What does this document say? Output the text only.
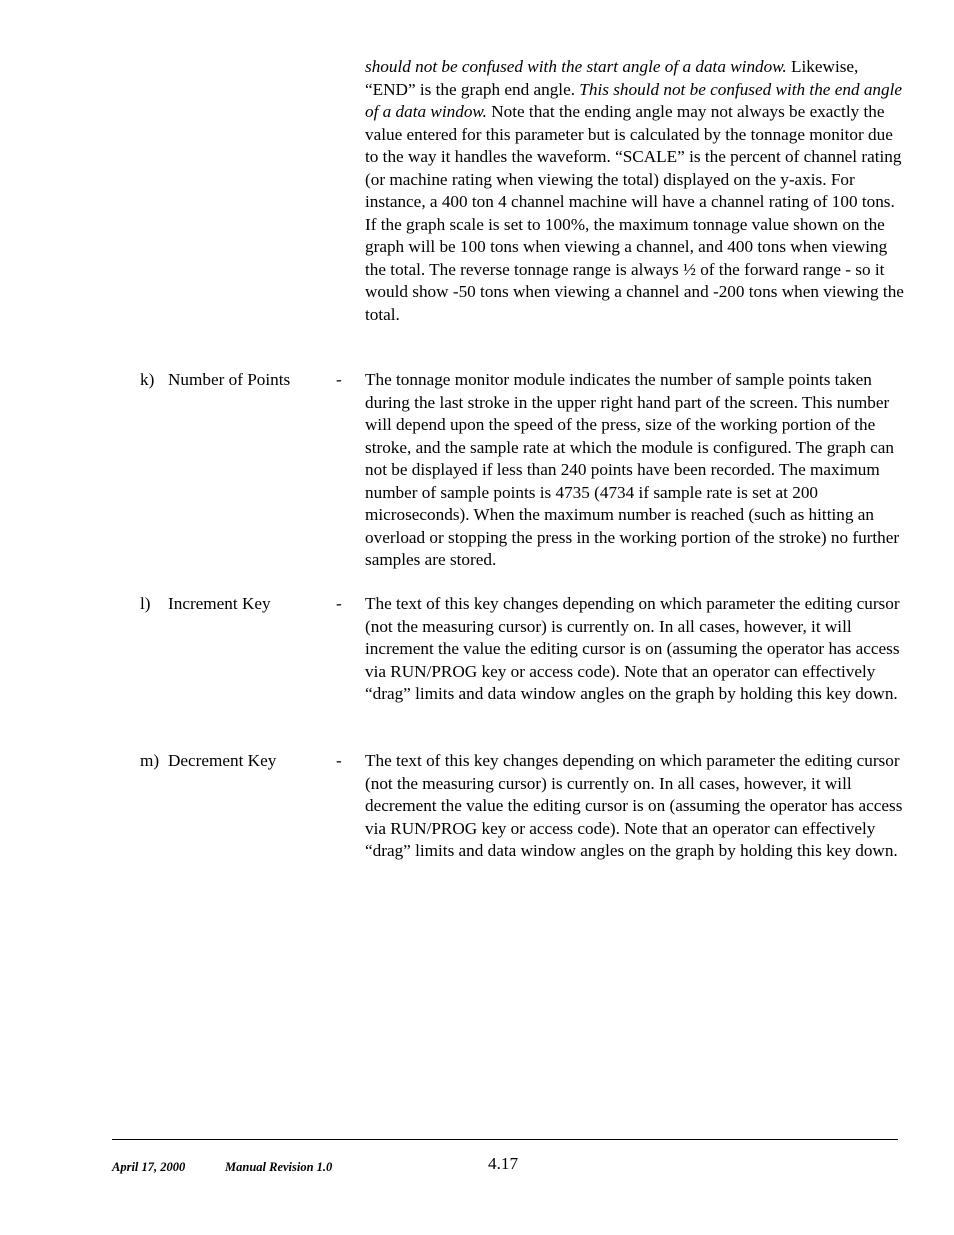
should not be confused with the start angle of a data window. Likewise, “END” is the graph end angle. This should not be confused with the end angle of a data window. Note that the ending angle may not always be exactly the value entered for this parameter but is calculated by the tonnage monitor due to the way it handles the waveform. “SCALE” is the percent of channel rating (or machine rating when viewing the total) displayed on the y-axis. For instance, a 400 ton 4 channel machine will have a channel rating of 100 tons. If the graph scale is set to 100%, the maximum tonnage value shown on the graph will be 100 tons when viewing a channel, and 400 tons when viewing the total. The reverse tonnage range is always ½ of the forward range - so it would show -50 tons when viewing a channel and -200 tons when viewing the total.

k) Number of Points	- The tonnage monitor module indicates the number of sample points taken during the last stroke in the upper right hand part of the screen. This number will depend upon the speed of the press, size of the working portion of the stroke, and the sample rate at which the module is configured. The graph can not be displayed if less than 240 points have been recorded. The maximum number of sample points is 4735 (4734 if sample rate is set at 200 microseconds). When the maximum number is reached (such as hitting an overload or stopping the press in the working portion of the stroke) no further samples are stored.

l) Increment Key	- The text of this key changes depending on which parameter the editing cursor (not the measuring cursor) is currently on. In all cases, however, it will increment the value the editing cursor is on (assuming the operator has access via RUN/PROG key or access code). Note that an operator can effectively “drag” limits and data window angles on the graph by holding this key down.

m) Decrement Key	- The text of this key changes depending on which parameter the editing cursor (not the measuring cursor) is currently on. In all cases, however, it will decrement the value the editing cursor is on (assuming the operator has access via RUN/PROG key or access code). Note that an operator can effectively “drag” limits and data window angles on the graph by holding this key down.

April 17, 2000	Manual Revision 1.0	4.17
